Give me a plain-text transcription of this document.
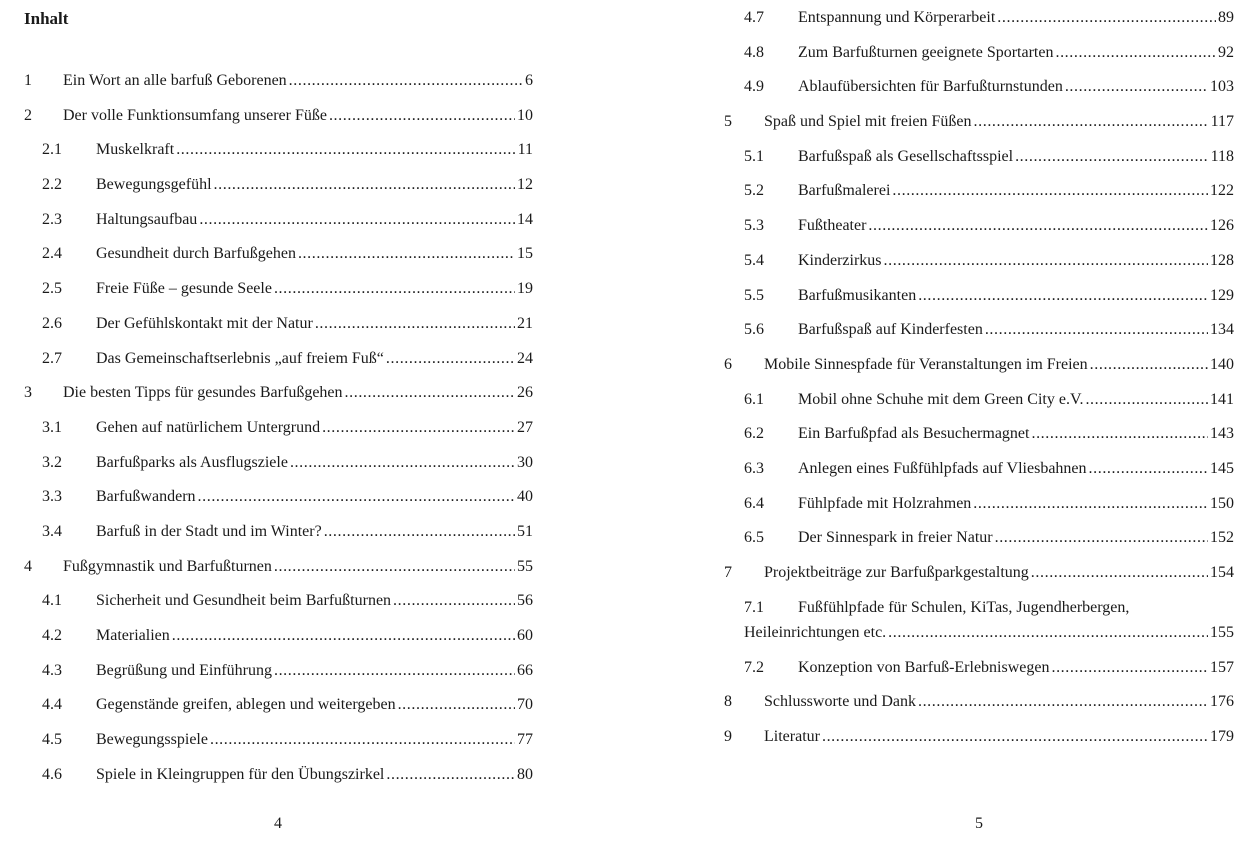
Inhalt
1 Ein Wort an alle barfuß Geborenen .....	6
2 Der volle Funktionsumfang unserer Füße .....	10
2.1 Muskelkraft .....	11
2.2 Bewegungsgefühl .....	12
2.3 Haltungsaufbau .....	14
2.4 Gesundheit durch Barfußgehen .....	15
2.5 Freie Füße – gesunde Seele .....	19
2.6 Der Gefühlskontakt mit der Natur .....	21
2.7 Das Gemeinschaftserlebnis „auf freiem Fuß“ .....	24
3 Die besten Tipps für gesundes Barfußgehen .....	26
3.1 Gehen auf natürlichem Untergrund .....	27
3.2 Barfußparks als Ausflugsziele .....	30
3.3 Barfußwandern .....	40
3.4 Barfuß in der Stadt und im Winter? .....	51
4 Fußgymnastik und Barfußturnen .....	55
4.1 Sicherheit und Gesundheit beim Barfußturnen .....	56
4.2 Materialien .....	60
4.3 Begrüßung und Einführung .....	66
4.4 Gegenstände greifen, ablegen und weitergeben .....	70
4.5 Bewegungsspiele .....	77
4.6 Spiele in Kleingruppen für den Übungszirkel .....	80
4
4.7 Entspannung und Körperarbeit .....	89
4.8 Zum Barfußturnen geeignete Sportarten .....	92
4.9 Ablaufübersichten für Barfußturnstunden .....	103
5 Spaß und Spiel mit freien Füßen .....	117
5.1 Barfußspaß als Gesellschaftsspiel .....	118
5.2 Barfußmalerei .....	122
5.3 Fußtheater .....	126
5.4 Kinderzirkus .....	128
5.5 Barfußmusikanten .....	129
5.6 Barfußspaß auf Kinderfesten .....	134
6 Mobile Sinnespfade für Veranstaltungen im Freien .....	140
6.1 Mobil ohne Schuhe mit dem Green City e.V. .....	141
6.2 Ein Barfußpfad als Besuchermagnet .....	143
6.3 Anlegen eines Fußfühlpfads auf Vliesbahnen .....	145
6.4 Fühlpfade mit Holzrahmen .....	150
6.5 Der Sinnespark in freier Natur .....	152
7 Projektbeiträge zur Barfußparkgestaltung .....	154
7.1 Fußfühlpfade für Schulen, KiTas, Jugendherbergen,
Heileinrichtungen etc. .....	155
7.2 Konzeption von Barfuß-Erlebniswegen .....	157
8 Schlussworte und Dank .....	176
9 Literatur .....	179
5
